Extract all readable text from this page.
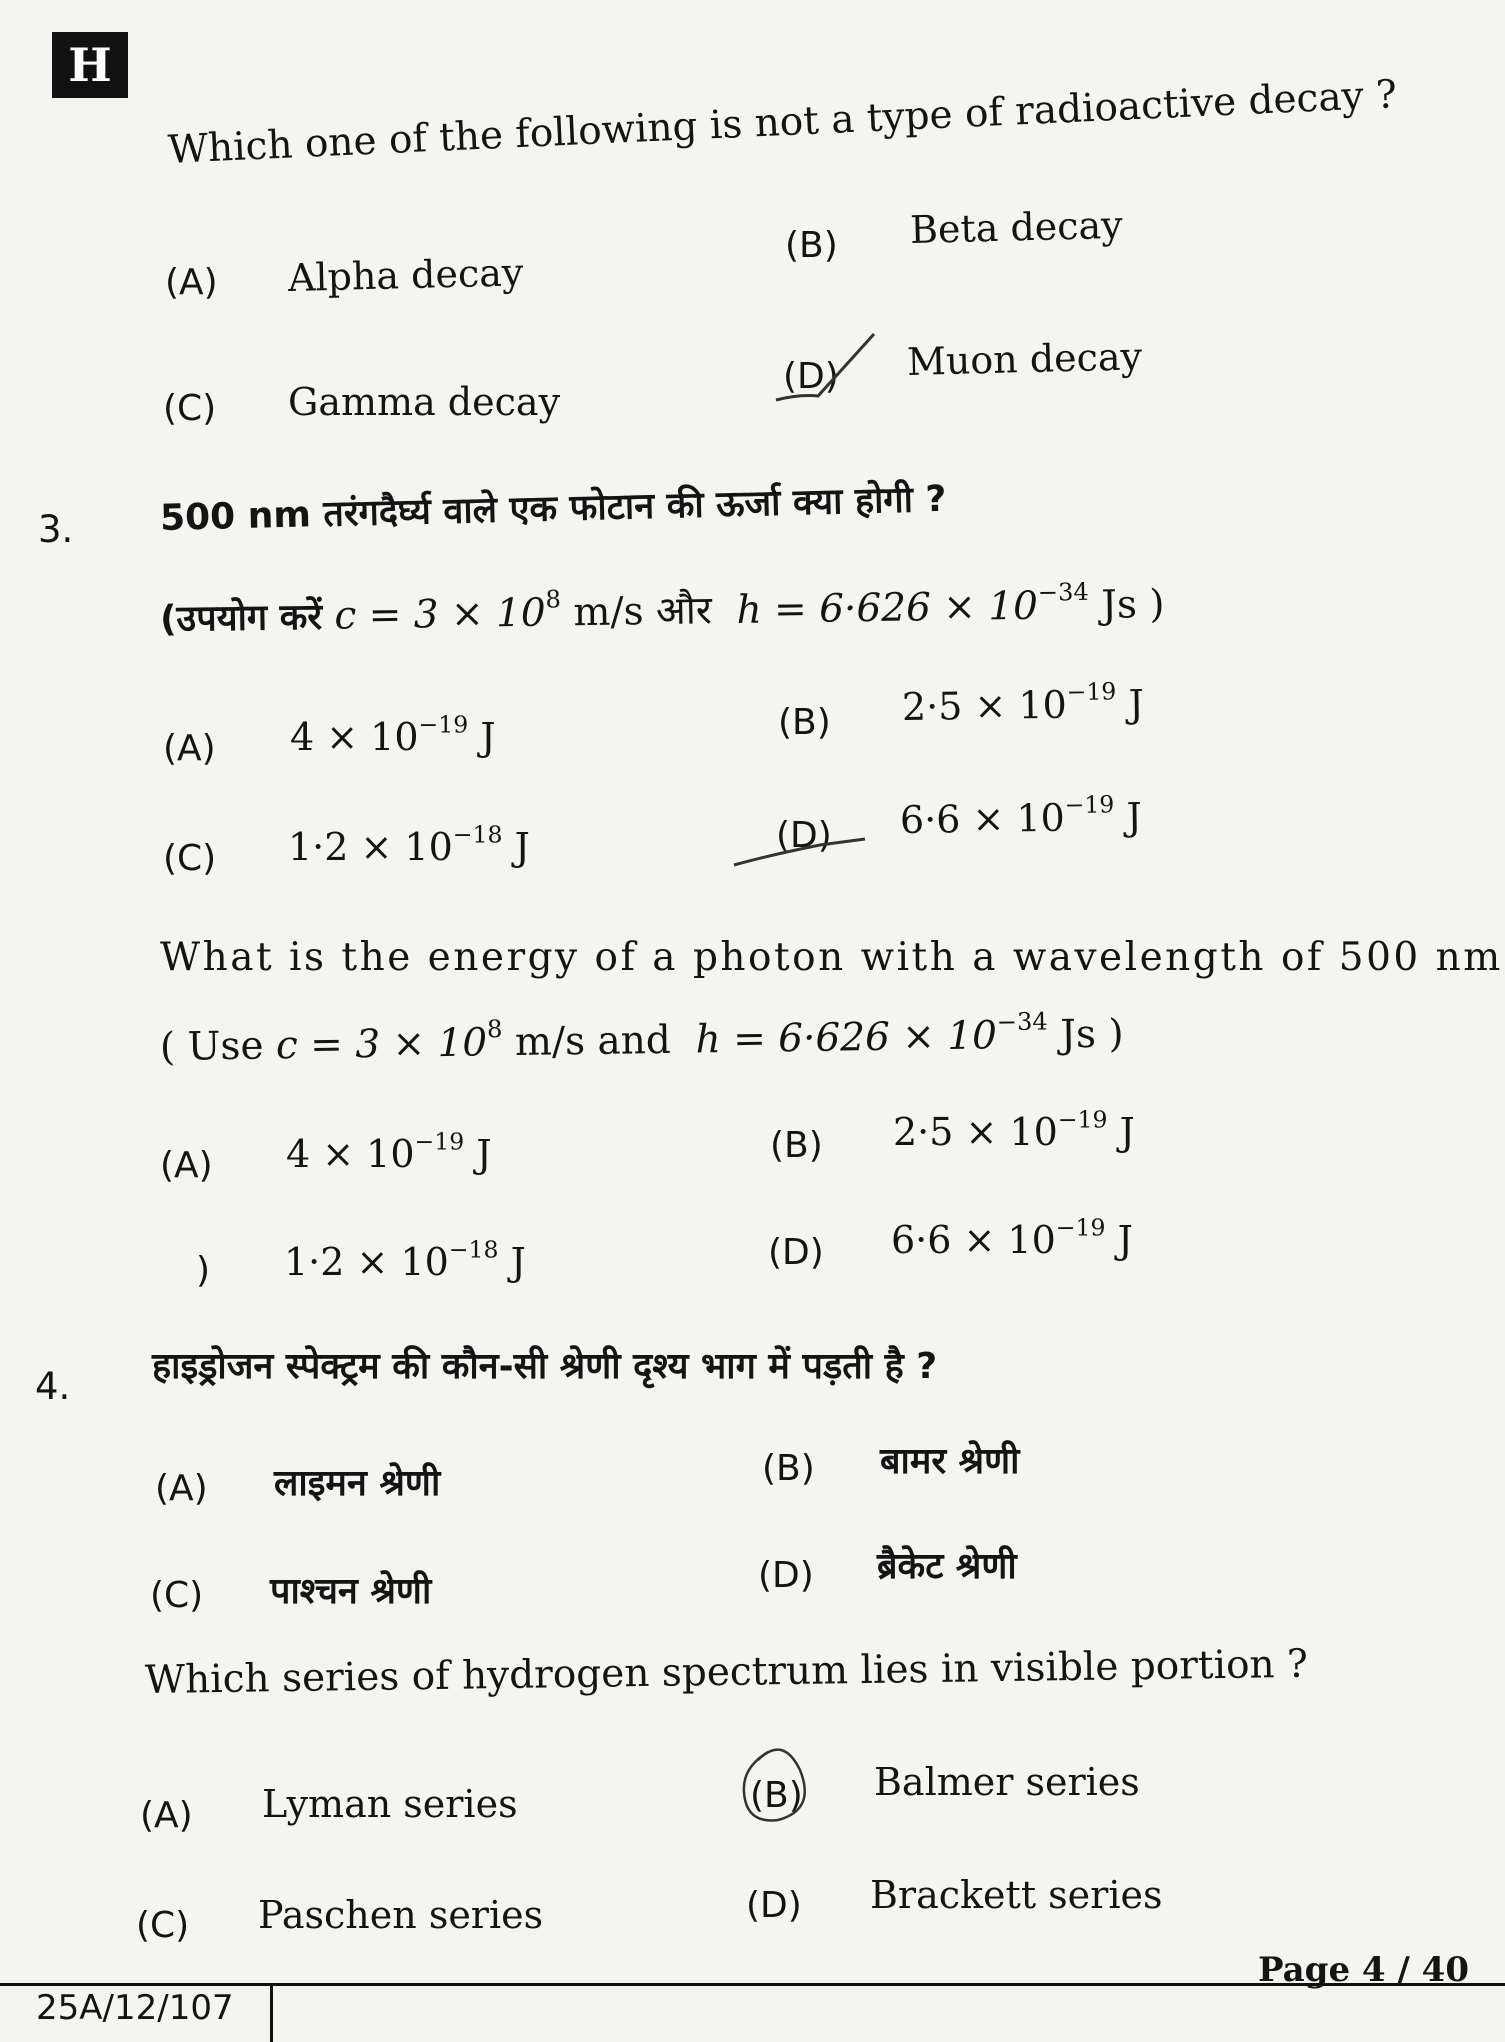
H
Which one of the following is not a type of radioactive decay ?
(A) Alpha decay
(B) Beta decay
(C) Gamma decay
(D) Muon decay
3. 500 nm तरंगदैर्घ्य वाले एक फोटान की ऊर्जा क्या होगी ?
(उपयोग करें $c = 3 \times 10^8$ m/s और $h = 6\cdot 626 \times 10^{-34}$ Js )
(A) $4 \times 10^{-19}$ J	(B) $2\cdot 5 \times 10^{-19}$ J
(C) $1\cdot 2 \times 10^{-18}$ J	(D) $6\cdot 6 \times 10^{-19}$ J
What is the energy of a photon with a wavelength of 500 nm
( Use $c = 3 \times 10^8$ m/s and $h = 6\cdot 626 \times 10^{-34}$ Js )
(A) $4 \times 10^{-19}$ J	(B) $2\cdot 5 \times 10^{-19}$ J
) $1\cdot 2 \times 10^{-18}$ J	(D) $6\cdot 6 \times 10^{-19}$ J
4. हाइड्रोजन स्पेक्ट्रम की कौन-सी श्रेणी दृश्य भाग में पड़ती है ?
(A) लाइमन श्रेणी	(B) बामर श्रेणी
(C) पाश्चन श्रेणी	(D) ब्रैकेट श्रेणी
Which series of hydrogen spectrum lies in visible portion ?
(A) Lyman series	(B) Balmer series
(C) Paschen series	(D) Brackett series
25A/12/107
Page 4 / 40
